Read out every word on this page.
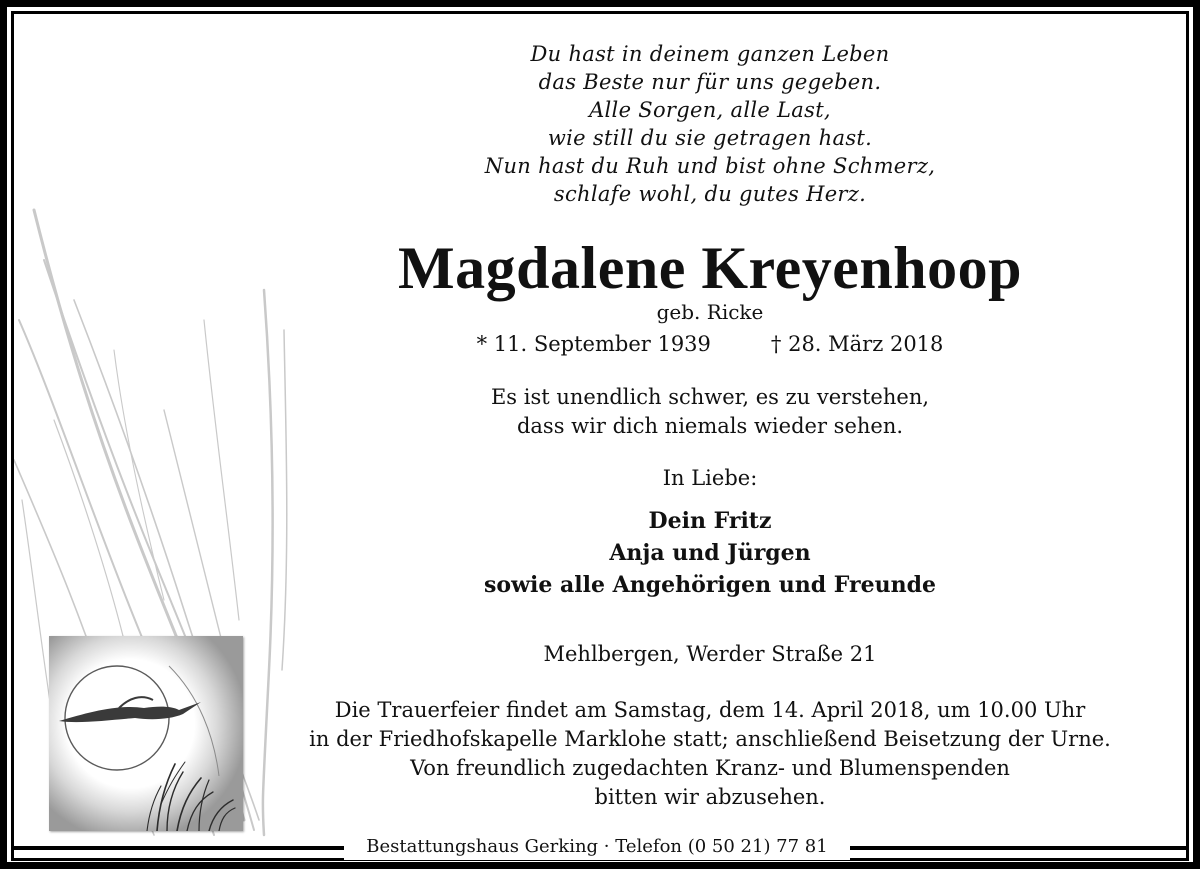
Du hast in deinem ganzen Leben
das Beste nur für uns gegeben.
Alle Sorgen, alle Last,
wie still du sie getragen hast.
Nun hast du Ruh und bist ohne Schmerz,
schlafe wohl, du gutes Herz.
Magdalene Kreyenhoop
geb. Ricke
* 11. September 1939	† 28. März 2018
Es ist unendlich schwer, es zu verstehen,
dass wir dich niemals wieder sehen.
In Liebe:
Dein Fritz
Anja und Jürgen
sowie alle Angehörigen und Freunde
Mehlbergen, Werder Straße 21
Die Trauerfeier findet am Samstag, dem 14. April 2018, um 10.00 Uhr
in der Friedhofskapelle Marklohe statt; anschließend Beisetzung der Urne.
Von freundlich zugedachten Kranz- und Blumenspenden
bitten wir abzusehen.
Bestattungshaus Gerking · Telefon (0 50 21) 77 81
